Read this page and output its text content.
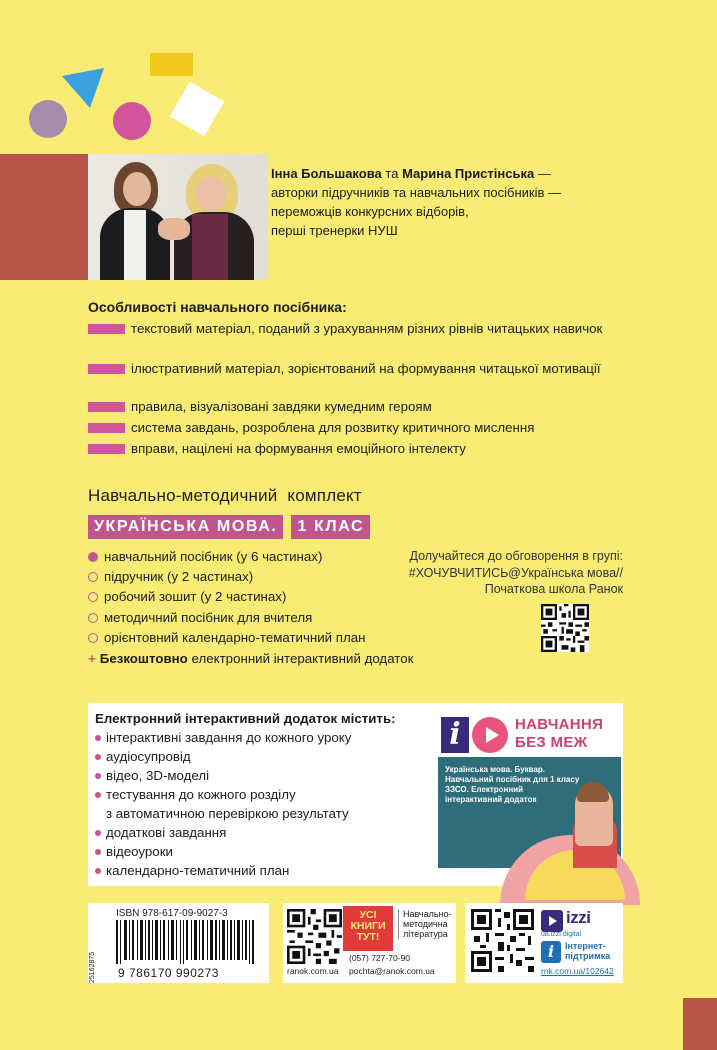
Інна Большакова та Марина Пристінська —
авторки підручників та навчальних посібників —
переможців конкурсних відборів,
перші тренерки НУШ
Особливості навчального посібника:
текстовий матеріал, поданий з урахуванням різних рівнів читацьких навичок
ілюстративний матеріал, зорієнтований на формування читацької мотивації
правила, візуалізовані завдяки кумедним героям
система завдань, розроблена для розвитку критичного мислення
вправи, націлені на формування емоційного інтелекту
Навчально-методичний комплект
УКРАЇНСЬКА МОВА.	1 КЛАС
навчальний посібник (у 6 частинах)
підручник (у 2 частинах)
робочий зошит (у 2 частинах)
методичний посібник для вчителя
орієнтовний календарно-тематичний план
+ Безкоштовно електронний інтерактивний додаток
Долучайтеся до обговорення в групі: #ХОЧУВЧИТИСЬ@Українська мова// Початкова школа Ранок
Електронний інтерактивний додаток містить:
інтерактивні завдання до кожного уроку
аудіосупровід
відео, 3D-моделі
тестування до кожного розділу
з автоматичною перевіркою результату
додаткові завдання
відеоуроки
календарно-тематичний план
i	НАВЧАННЯ
БЕЗ МЕЖ
Українська мова. Буквар. Навчальний посібник для 1 класу ЗЗСО. Електронний інтерактивний додаток
25162875
ISBN 978-617-09-9027-3
9 786170 990273	ranok.com.ua
УСІ КНИГИ ТУТ!
Навчально-методична література
(057) 727-70-90
pochta@ranok.com.ua
izzi
ua.izzi.digital
i	Інтернет-підтримка
rnk.com.ua/102642
